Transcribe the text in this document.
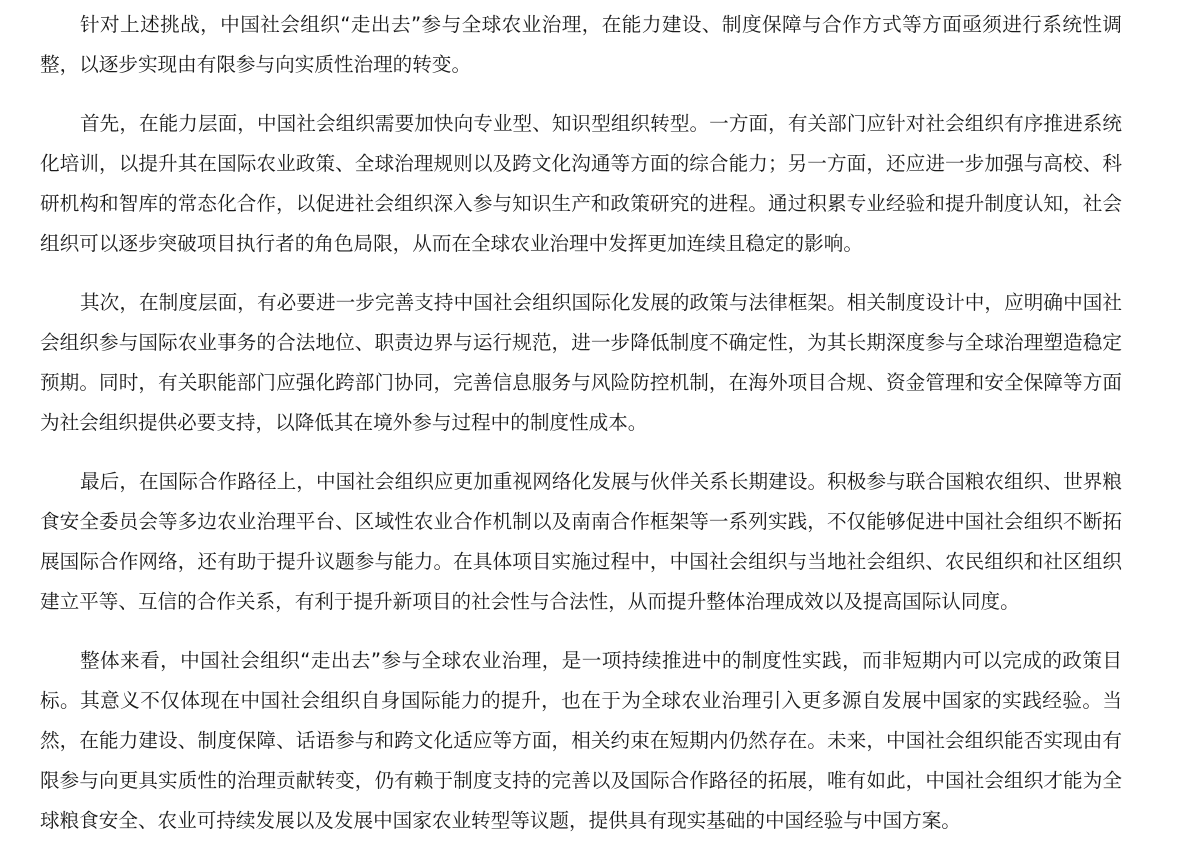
针对上述挑战，中国社会组织“走出去”参与全球农业治理，在能力建设、制度保障与合作方式等方面亟须进行系统性调整，以逐步实现由有限参与向实质性治理的转变。

首先，在能力层面，中国社会组织需要加快向专业型、知识型组织转型。一方面，有关部门应针对社会组织有序推进系统化培训，以提升其在国际农业政策、全球治理规则以及跨文化沟通等方面的综合能力；另一方面，还应进一步加强与高校、科研机构和智库的常态化合作，以促进社会组织深入参与知识生产和政策研究的进程。通过积累专业经验和提升制度认知，社会组织可以逐步突破项目执行者的角色局限，从而在全球农业治理中发挥更加连续且稳定的影响。

其次，在制度层面，有必要进一步完善支持中国社会组织国际化发展的政策与法律框架。相关制度设计中，应明确中国社会组织参与国际农业事务的合法地位、职责边界与运行规范，进一步降低制度不确定性，为其长期深度参与全球治理塑造稳定预期。同时，有关职能部门应强化跨部门协同，完善信息服务与风险防控机制，在海外项目合规、资金管理和安全保障等方面为社会组织提供必要支持，以降低其在境外参与过程中的制度性成本。

最后，在国际合作路径上，中国社会组织应更加重视网络化发展与伙伴关系长期建设。积极参与联合国粮农组织、世界粮食安全委员会等多边农业治理平台、区域性农业合作机制以及南南合作框架等一系列实践，不仅能够促进中国社会组织不断拓展国际合作网络，还有助于提升议题参与能力。在具体项目实施过程中，中国社会组织与当地社会组织、农民组织和社区组织建立平等、互信的合作关系，有利于提升新项目的社会性与合法性，从而提升整体治理成效以及提高国际认同度。

整体来看，中国社会组织“走出去”参与全球农业治理，是一项持续推进中的制度性实践，而非短期内可以完成的政策目标。其意义不仅体现在中国社会组织自身国际能力的提升，也在于为全球农业治理引入更多源自发展中国家的实践经验。当然，在能力建设、制度保障、话语参与和跨文化适应等方面，相关约束在短期内仍然存在。未来，中国社会组织能否实现由有限参与向更具实质性的治理贡献转变，仍有赖于制度支持的完善以及国际合作路径的拓展，唯有如此，中国社会组织才能为全球粮食安全、农业可持续发展以及发展中国家农业转型等议题，提供具有现实基础的中国经验与中国方案。
